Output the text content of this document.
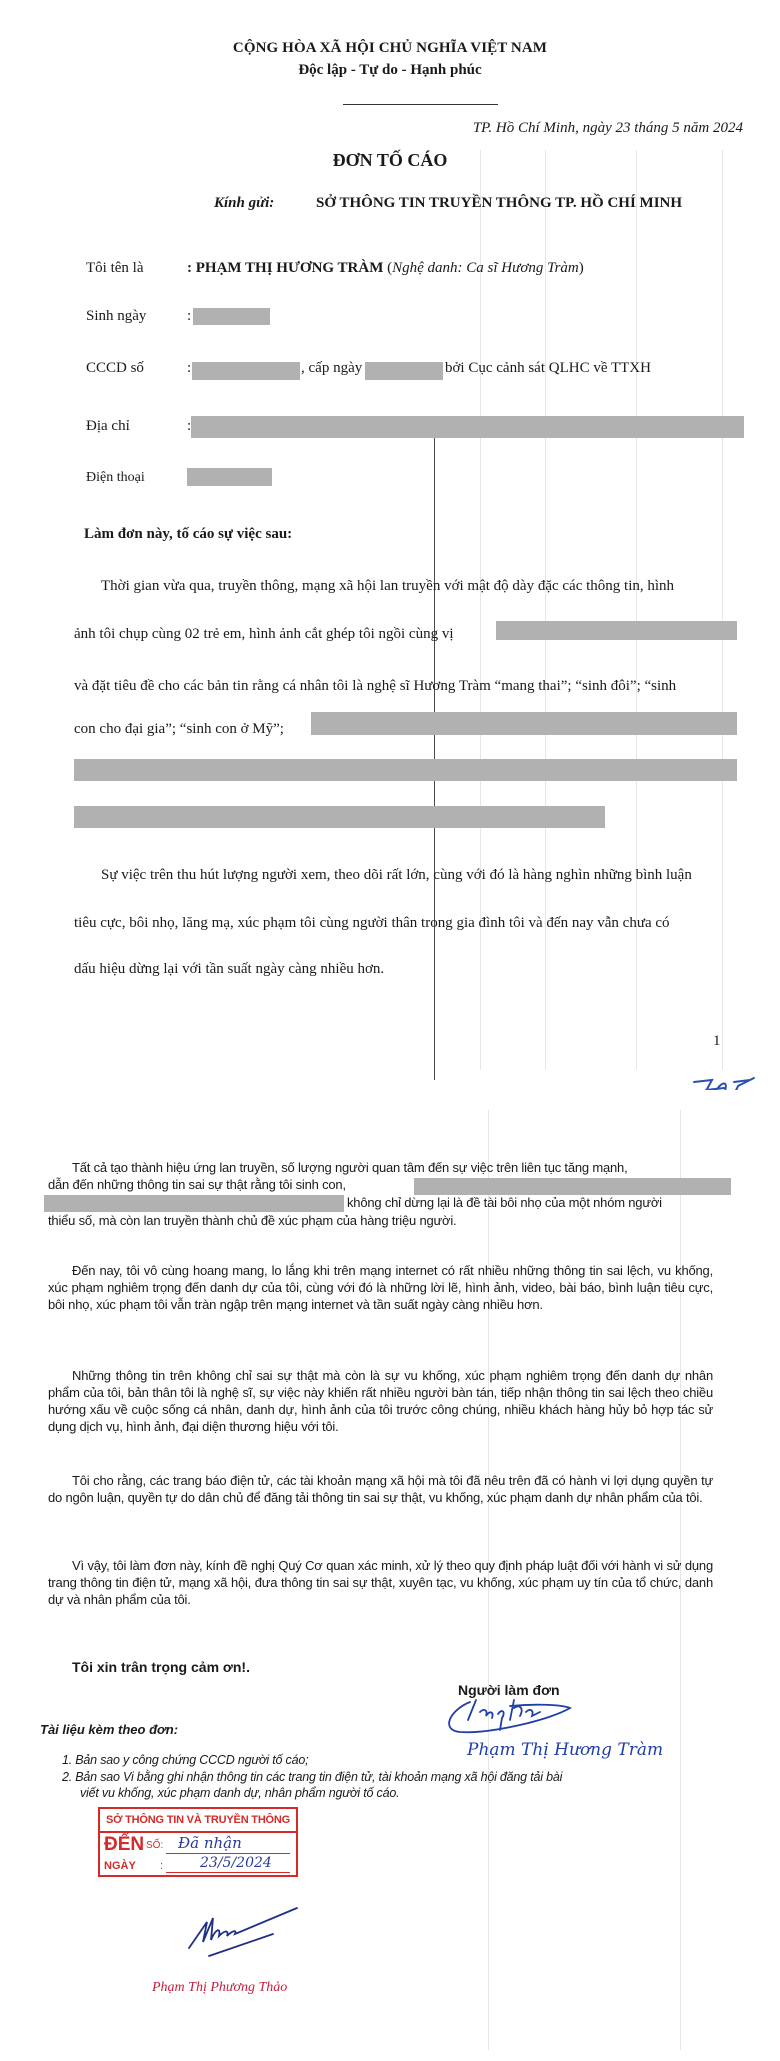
CỘNG HÒA XÃ HỘI CHỦ NGHĨA VIỆT NAM
Độc lập - Tự do - Hạnh phúc
TP. Hồ Chí Minh, ngày 23 tháng 5 năm 2024
ĐƠN TỐ CÁO
Kính gửi:	SỞ THÔNG TIN TRUYỀN THÔNG TP. HỒ CHÍ MINH
Tôi tên là	: PHẠM THỊ HƯƠNG TRÀM (Nghệ danh: Ca sĩ Hương Tràm)
Sinh ngày	:
CCCD số	:	, cấp ngày	bởi Cục cảnh sát QLHC về TTXH
Địa chỉ	:
Điện thoại
Làm đơn này, tố cáo sự việc sau:
Thời gian vừa qua, truyền thông, mạng xã hội lan truyền với mật độ dày đặc các thông tin, hình
ảnh tôi chụp cùng 02 trẻ em, hình ảnh cắt ghép tôi ngồi cùng vị
và đặt tiêu đề cho các bản tin rằng cá nhân tôi là nghệ sĩ Hương Tràm “mang thai”; “sinh đôi”; “sinh
con cho đại gia”; “sinh con ở Mỹ”;
Sự việc trên thu hút lượng người xem, theo dõi rất lớn, cùng với đó là hàng nghìn những bình luận
tiêu cực, bôi nhọ, lăng mạ, xúc phạm tôi cùng người thân trong gia đình tôi và đến nay vẫn chưa có
dấu hiệu dừng lại với tần suất ngày càng nhiều hơn.
1
Tất cả tạo thành hiệu ứng lan truyền, số lượng người quan tâm đến sự việc trên liên tục tăng mạnh,
dẫn đến những thông tin sai sự thật rằng tôi sinh con,
không chỉ dừng lại là đề tài bôi nhọ của một nhóm người
thiểu số, mà còn lan truyền thành chủ đề xúc phạm của hàng triệu người.
Đến nay, tôi vô cùng hoang mang, lo lắng khi trên mạng internet có rất nhiều những thông tin sai lệch, vu khống, xúc phạm nghiêm trọng đến danh dự của tôi, cùng với đó là những lời lẽ, hình ảnh, video, bài báo, bình luận tiêu cực, bôi nhọ, xúc phạm tôi vẫn tràn ngập trên mạng internet và tần suất ngày càng nhiều hơn.
Những thông tin trên không chỉ sai sự thật mà còn là sự vu khống, xúc phạm nghiêm trọng đến danh dự nhân phẩm của tôi, bản thân tôi là nghệ sĩ, sự việc này khiến rất nhiều người bàn tán, tiếp nhận thông tin sai lệch theo chiều hướng xấu về cuộc sống cá nhân, danh dự, hình ảnh của tôi trước công chúng, nhiều khách hàng hủy bỏ hợp tác sử dụng dịch vụ, hình ảnh, đại diện thương hiệu với tôi.
Tôi cho rằng, các trang báo điện tử, các tài khoản mạng xã hội mà tôi đã nêu trên đã có hành vi lợi dụng quyền tự do ngôn luận, quyền tự do dân chủ để đăng tải thông tin sai sự thật, vu khống, xúc phạm danh dự nhân phẩm của tôi.
Vì vậy, tôi làm đơn này, kính đề nghị Quý Cơ quan xác minh, xử lý theo quy định pháp luật đối với hành vi sử dụng trang thông tin điện tử, mạng xã hội, đưa thông tin sai sự thật, xuyên tạc, vu khống, xúc phạm uy tín của tổ chức, danh dự và nhân phẩm của tôi.
Tôi xin trân trọng cảm ơn!.
Người làm đơn
Phạm Thị Hương Tràm
Tài liệu kèm theo đơn:
1. Bản sao y công chứng CCCD người tố cáo;
2. Bản sao Vi bằng ghi nhận thông tin các trang tin điện tử, tài khoản mạng xã hội đăng tải bài
viết vu khống, xúc phạm danh dự, nhân phẩm người tố cáo.
SỞ THÔNG TIN VÀ TRUYỀN THÔNG
ĐẾN SỐ: Đã nhận
NGÀY :	23/5/2024
Phạm Thị Phương Thảo
